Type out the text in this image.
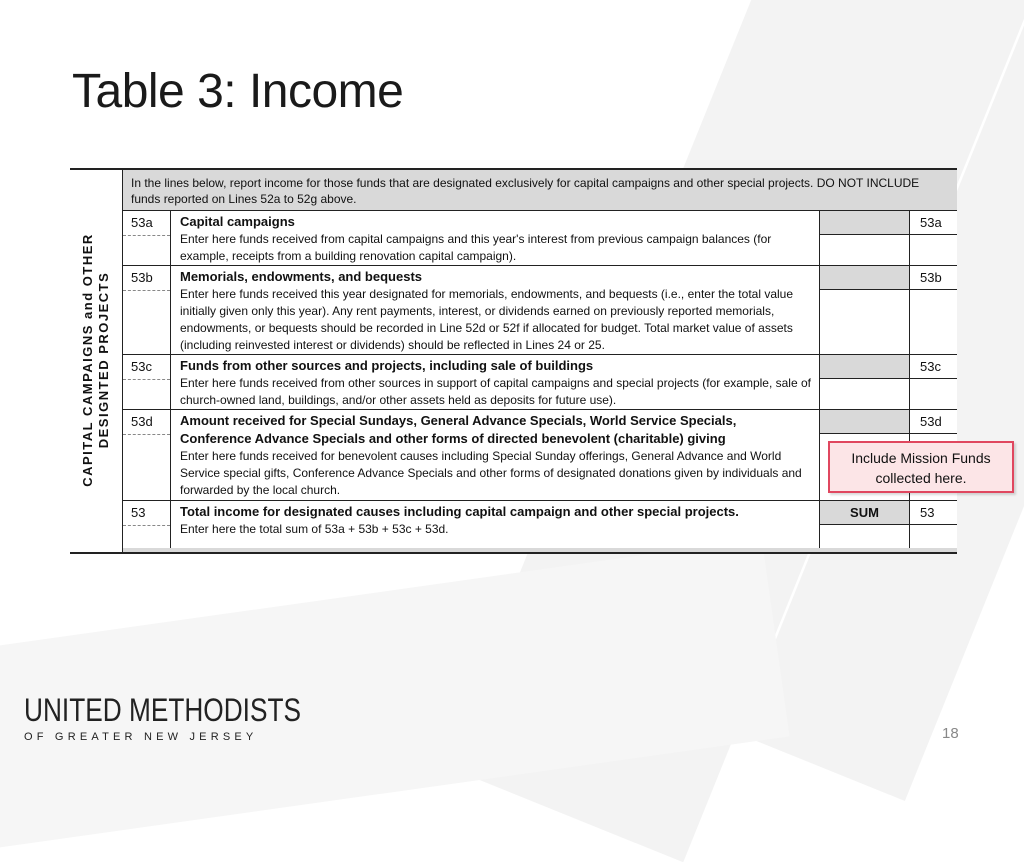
Table 3: Income
CAPITAL CAMPAIGNS and OTHER DESIGNTED PROJECTS
In the lines below, report income for those funds that are designated exclusively for capital campaigns and other special projects. DO NOT INCLUDE funds reported on Lines 52a to 52g above.
53a	Capital campaigns
Enter here funds received from capital campaigns and this year's interest from previous campaign balances (for example, receipts from a building renovation capital campaign).
53a
53b	Memorials, endowments, and bequests
Enter here funds received this year designated for memorials, endowments, and bequests (i.e., enter the total value initially given only this year). Any rent payments, interest, or dividends earned on previously reported memorials, endowments, or bequests should be recorded in Line 52d or 52f if allocated for budget. Total market value of assets (including reinvested interest or dividends) should be reflected in Lines 24 or 25.
53b
53c	Funds from other sources and projects, including sale of buildings
Enter here funds received from other sources in support of capital campaigns and special projects (for example, sale of church-owned land, buildings, and/or other assets held as deposits for future use).
53c
53d	Amount received for Special Sundays, General Advance Specials, World Service Specials, Conference Advance Specials and other forms of directed benevolent (charitable) giving
Enter here funds received for benevolent causes including Special Sunday offerings, General Advance and World Service special gifts, Conference Advance Specials and other forms of designated donations given by individuals and forwarded by the local church.
53d
53	Total income for designated causes including capital campaign and other special projects.
Enter here the total sum of 53a + 53b + 53c + 53d.
SUM	53
Include Mission Funds collected here.
UNITED METHODISTS
OF GREATER NEW JERSEY	18
